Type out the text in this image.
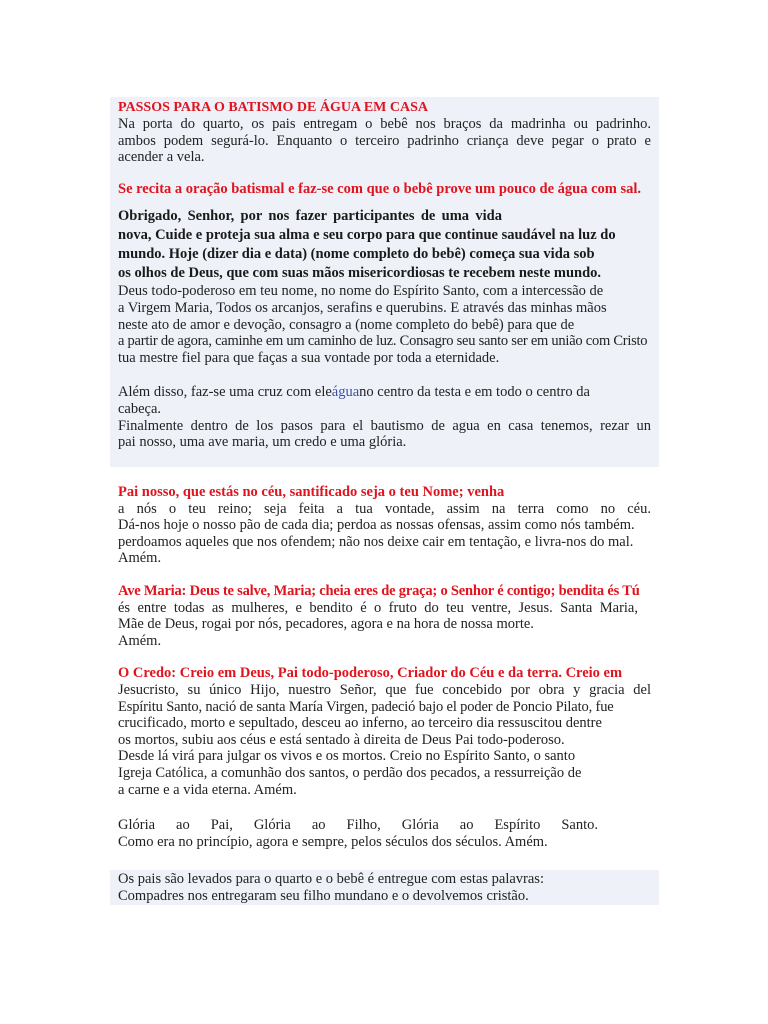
PASSOS PARA O BATISMO DE ÁGUA EM CASA
Na porta do quarto, os pais entregam o bebê nos braços da madrinha ou padrinho.
ambos podem segurá-lo. Enquanto o terceiro padrinho criança deve pegar o prato e
acender a vela.
Se recita a oração batismal e faz-se com que o bebê prove um pouco de água com sal.
Obrigado, Senhor, por nos fazer participantes de uma vida
nova, Cuide e proteja sua alma e seu corpo para que continue saudável na luz do
mundo. Hoje (dizer dia e data) (nome completo do bebê) começa sua vida sob
os olhos de Deus, que com suas mãos misericordiosas te recebem neste mundo.
Deus todo-poderoso em teu nome, no nome do Espírito Santo, com a intercessão de
a Virgem Maria, Todos os arcanjos, serafins e querubins. E através das minhas mãos
neste ato de amor e devoção, consagro a (nome completo do bebê) para que de
a partir de agora, caminhe em um caminho de luz. Consagro seu santo ser em união com Cristo
tua mestre fiel para que faças a sua vontade por toda a eternidade.
Além disso, faz-se uma cruz com eleáguano centro da testa e em todo o centro da
cabeça.
Finalmente dentro de los pasos para el bautismo de agua en casa tenemos, rezar un
pai nosso, uma ave maria, um credo e uma glória.
Pai nosso, que estás no céu, santificado seja o teu Nome; venha
a nós o teu reino; seja feita a tua vontade, assim na terra como no céu.
Dá-nos hoje o nosso pão de cada dia; perdoa as nossas ofensas, assim como nós também.
perdoamos aqueles que nos ofendem; não nos deixe cair em tentação, e livra-nos do mal.
Amém.
Ave Maria: Deus te salve, Maria; cheia eres de graça; o Senhor é contigo; bendita és Tú
és entre todas as mulheres, e bendito é o fruto do teu ventre, Jesus. Santa Maria,
Mãe de Deus, rogai por nós, pecadores, agora e na hora de nossa morte.
Amém.
O Credo: Creio em Deus, Pai todo-poderoso, Criador do Céu e da terra. Creio em
Jesucristo, su único Hijo, nuestro Señor, que fue concebido por obra y gracia del
Espíritu Santo, nació de santa María Virgen, padeció bajo el poder de Poncio Pilato, fue
crucificado, morto e sepultado, desceu ao inferno, ao terceiro dia ressuscitou dentre
os mortos, subiu aos céus e está sentado à direita de Deus Pai todo-poderoso.
Desde lá virá para julgar os vivos e os mortos. Creio no Espírito Santo, o santo
Igreja Católica, a comunhão dos santos, o perdão dos pecados, a ressurreição de
a carne e a vida eterna. Amém.
Glória ao Pai, Glória ao Filho, Glória ao Espírito Santo.
Como era no princípio, agora e sempre, pelos séculos dos séculos. Amém.
Os pais são levados para o quarto e o bebê é entregue com estas palavras:
Compadres nos entregaram seu filho mundano e o devolvemos cristão.
